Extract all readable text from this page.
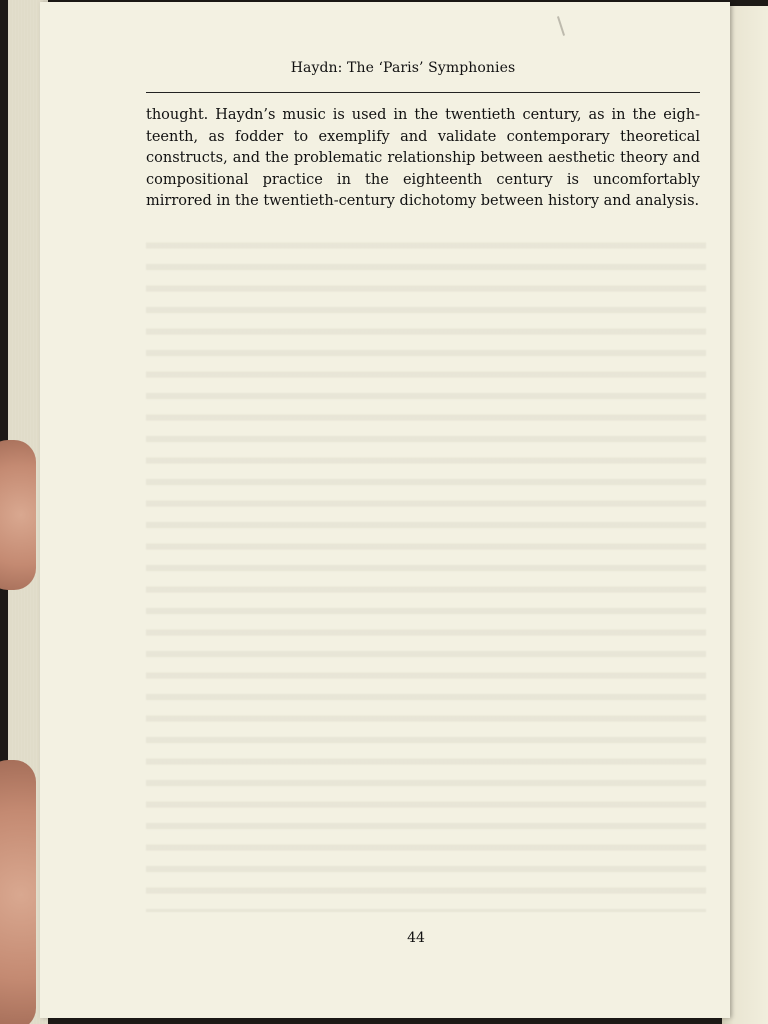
Haydn: The ‘Paris’ Symphonies

thought. Haydn’s music is used in the twentieth century, as in the eighteenth, as fodder to exemplify and validate contemporary theoretical constructs, and the problematic relationship between aesthetic theory and compositional practice in the eighteenth century is uncomfortably mirrored in the twentieth-century dichotomy between history and analysis.

44
